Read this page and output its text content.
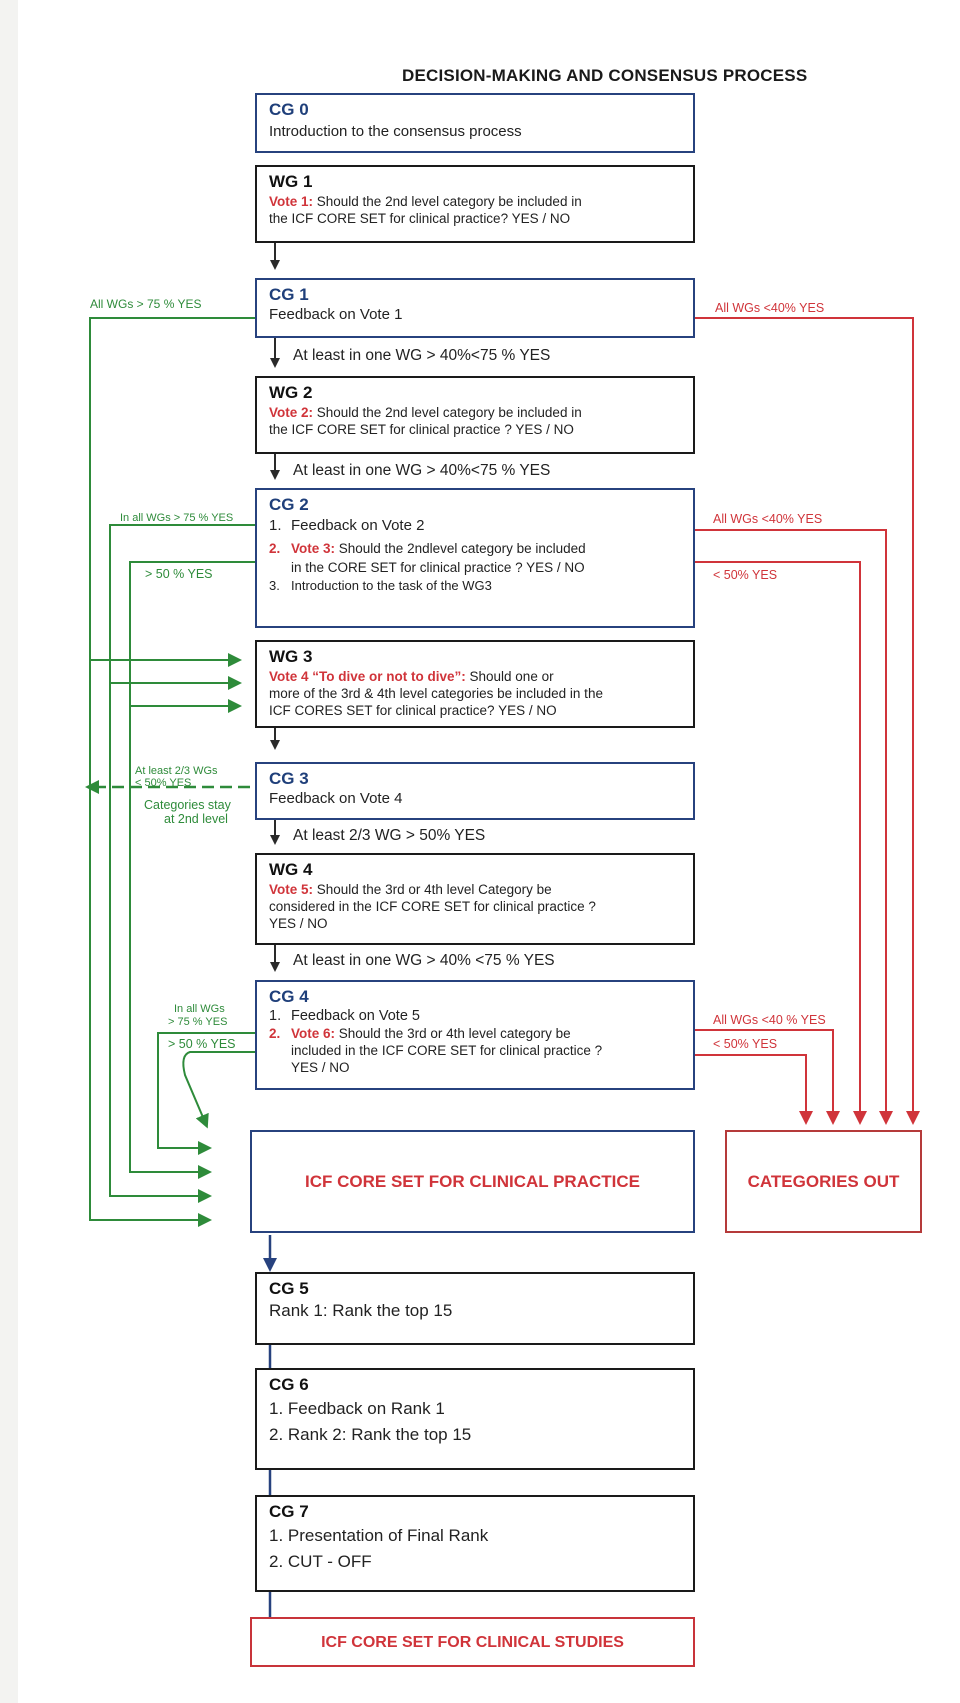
DECISION-MAKING AND CONSENSUS PROCESS
CG 0
Introduction to the consensus process
WG 1
Vote 1: Should the 2nd level category be included in
the ICF CORE SET for clinical practice? YES / NO
CG 1
Feedback on Vote 1
At least in one WG > 40%<75 % YES
WG 2
Vote 2: Should the 2nd level category be included in
the ICF CORE SET for clinical practice ? YES / NO
At least in one WG > 40%<75 % YES
CG 2
1. Feedback on Vote 2
2. Vote 3: Should the 2ndlevel category be included
in the CORE SET for clinical practice ? YES / NO
3. Introduction to the task of the WG3
WG 3
Vote 4 “To dive or not to dive”: Should one or
more of the 3rd & 4th level categories be included in the
ICF CORES SET for clinical practice? YES / NO
CG 3
Feedback on Vote 4
At least 2/3 WG > 50% YES
WG 4
Vote 5: Should the 3rd or 4th level Category be
considered in the ICF CORE SET for clinical practice ?
YES / NO
At least in one WG > 40% <75 % YES
CG 4
1. Feedback on Vote 5
2. Vote 6: Should the 3rd or 4th level category be
included in the ICF CORE SET for clinical practice ?
YES / NO
ICF CORE SET FOR CLINICAL PRACTICE	CATEGORIES OUT
CG 5
Rank 1: Rank the top 15
CG 6
1. Feedback on Rank 1
2. Rank 2: Rank the top 15
CG 7
1. Presentation of Final Rank
2. CUT - OFF
ICF CORE SET FOR CLINICAL STUDIES
All WGs > 75 % YES	All WGs <40% YES
In all WGs > 75 % YES
> 50 % YES
All WGs <40% YES
< 50% YES
At least 2/3 WGs
< 50% YES
Categories stay
at 2nd level
In all WGs
> 75 % YES
> 50 % YES
All WGs <40 % YES
< 50% YES
